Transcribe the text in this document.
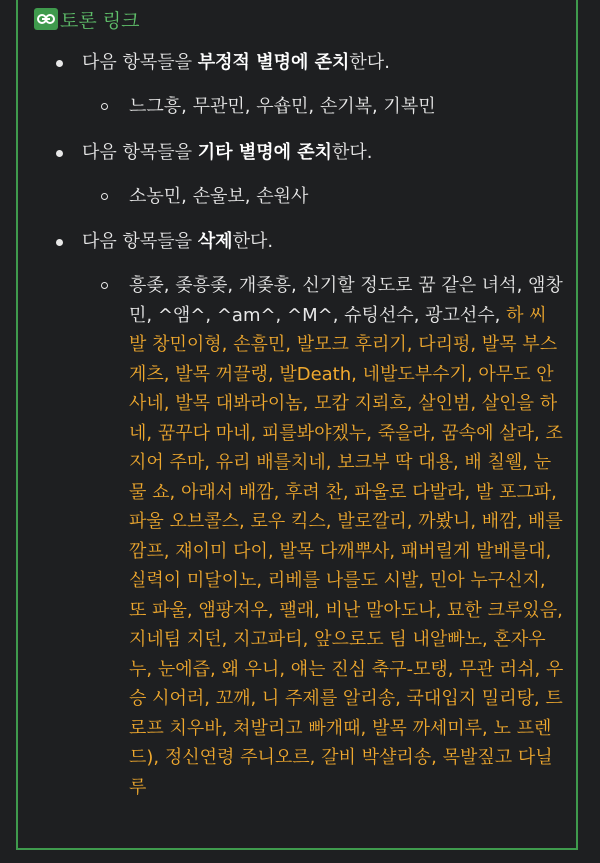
토론 링크
다음 항목들을 부정적 별명에 존치한다.
느그흥, 무관민, 우숍민, 손기복, 기복민
다음 항목들을 기타 별명에 존치한다.
소농민, 손울보, 손원사
다음 항목들을 삭제한다.
흥좆, 좆흥좆, 개좆흥, 신기할 정도로 꿈 같은 녀석, 앰창민, ^앰^, ^am^, ^M^, 슈팅선수, 광고선수, 하 씨발 창민이형, 손흠민, 발모크 후리기, 다리펑, 발목 부스게츠, 발목 꺼끌랭, 발Death, 네발도부수기, 아무도 안 사네, 발목 대봐라이놈, 모캄 지뢰흐, 살인범, 살인을 하네, 꿈꾸다 마네, 피를봐야겠누, 죽을라, 꿈속에 살라, 조지어 주마, 유리 배를치네, 보크부 딱 대용, 배 칠웰, 눈물 쇼, 아래서 배깜, 후려 찬, 파울로 다발라, 발 포그파, 파울 오브콜스, 로우 킥스, 발로깔리, 까봤니, 배깜, 배를깜프, 쟤이미 다이, 발목 다깨뿌사, 패버릴게 발배를대, 실력이 미달이노, 리베를 나를도 시발, 민아 누구신지, 또 파울, 앰팡저우, 팰래, 비난 말아도나, 묘한 크루있음, 지네팀 지던, 지고파티, 앞으로도 팀 내알빠노, 혼자우누, 눈에즙, 왜 우니, 얘는 진심 축구-모탱, 무관 러쉬, 우승 시어러, 꼬깨, 니 주제를 알리송, 국대입지 밀리탕, 트로프 치우바, 쳐발리고 빠개때, 발목 까세미루, 노 프렌드), 정신연령 주니오르, 갈비 박샬리송, 목발짚고 다닐루
